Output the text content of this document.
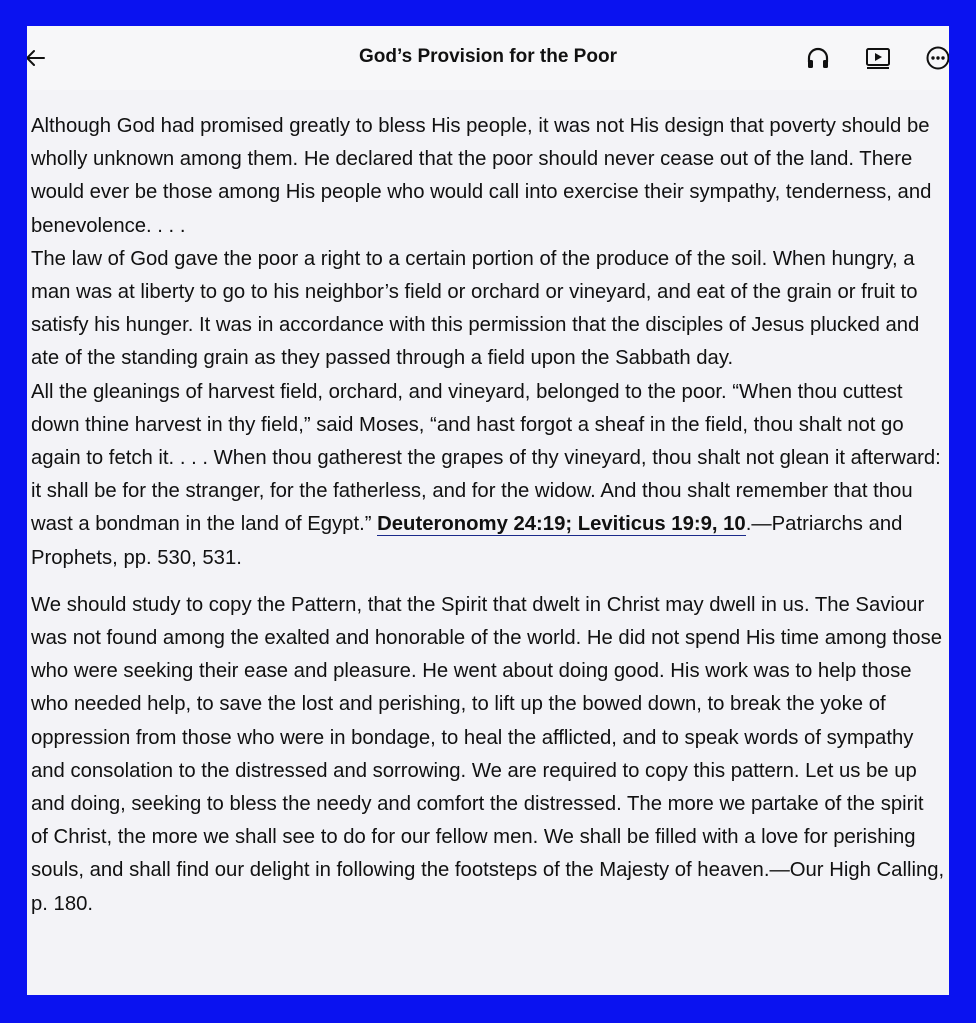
God’s Provision for the Poor

Although God had promised greatly to bless His people, it was not His design that poverty should be wholly unknown among them. He declared that the poor should never cease out of the land. There would ever be those among His people who would call into exercise their sympathy, tenderness, and benevolence. . . .

The law of God gave the poor a right to a certain portion of the produce of the soil. When hungry, a man was at liberty to go to his neighbor’s field or orchard or vineyard, and eat of the grain or fruit to satisfy his hunger. It was in accordance with this permission that the disciples of Jesus plucked and ate of the standing grain as they passed through a field upon the Sabbath day.

All the gleanings of harvest field, orchard, and vineyard, belonged to the poor. “When thou cuttest down thine harvest in thy field,” said Moses, “and hast forgot a sheaf in the field, thou shalt not go again to fetch it. . . . When thou gatherest the grapes of thy vineyard, thou shalt not glean it afterward: it shall be for the stranger, for the fatherless, and for the widow. And thou shalt remember that thou wast a bondman in the land of Egypt.” Deuteronomy 24:19; Leviticus 19:9, 10.—Patriarchs and Prophets, pp. 530, 531.

We should study to copy the Pattern, that the Spirit that dwelt in Christ may dwell in us. The Saviour was not found among the exalted and honorable of the world. He did not spend His time among those who were seeking their ease and pleasure. He went about doing good. His work was to help those who needed help, to save the lost and perishing, to lift up the bowed down, to break the yoke of oppression from those who were in bondage, to heal the afflicted, and to speak words of sympathy and consolation to the distressed and sorrowing. We are required to copy this pattern. Let us be up and doing, seeking to bless the needy and comfort the distressed. The more we partake of the spirit of Christ, the more we shall see to do for our fellow men. We shall be filled with a love for perishing souls, and shall find our delight in following the footsteps of the Majesty of heaven.—Our High Calling, p. 180.
